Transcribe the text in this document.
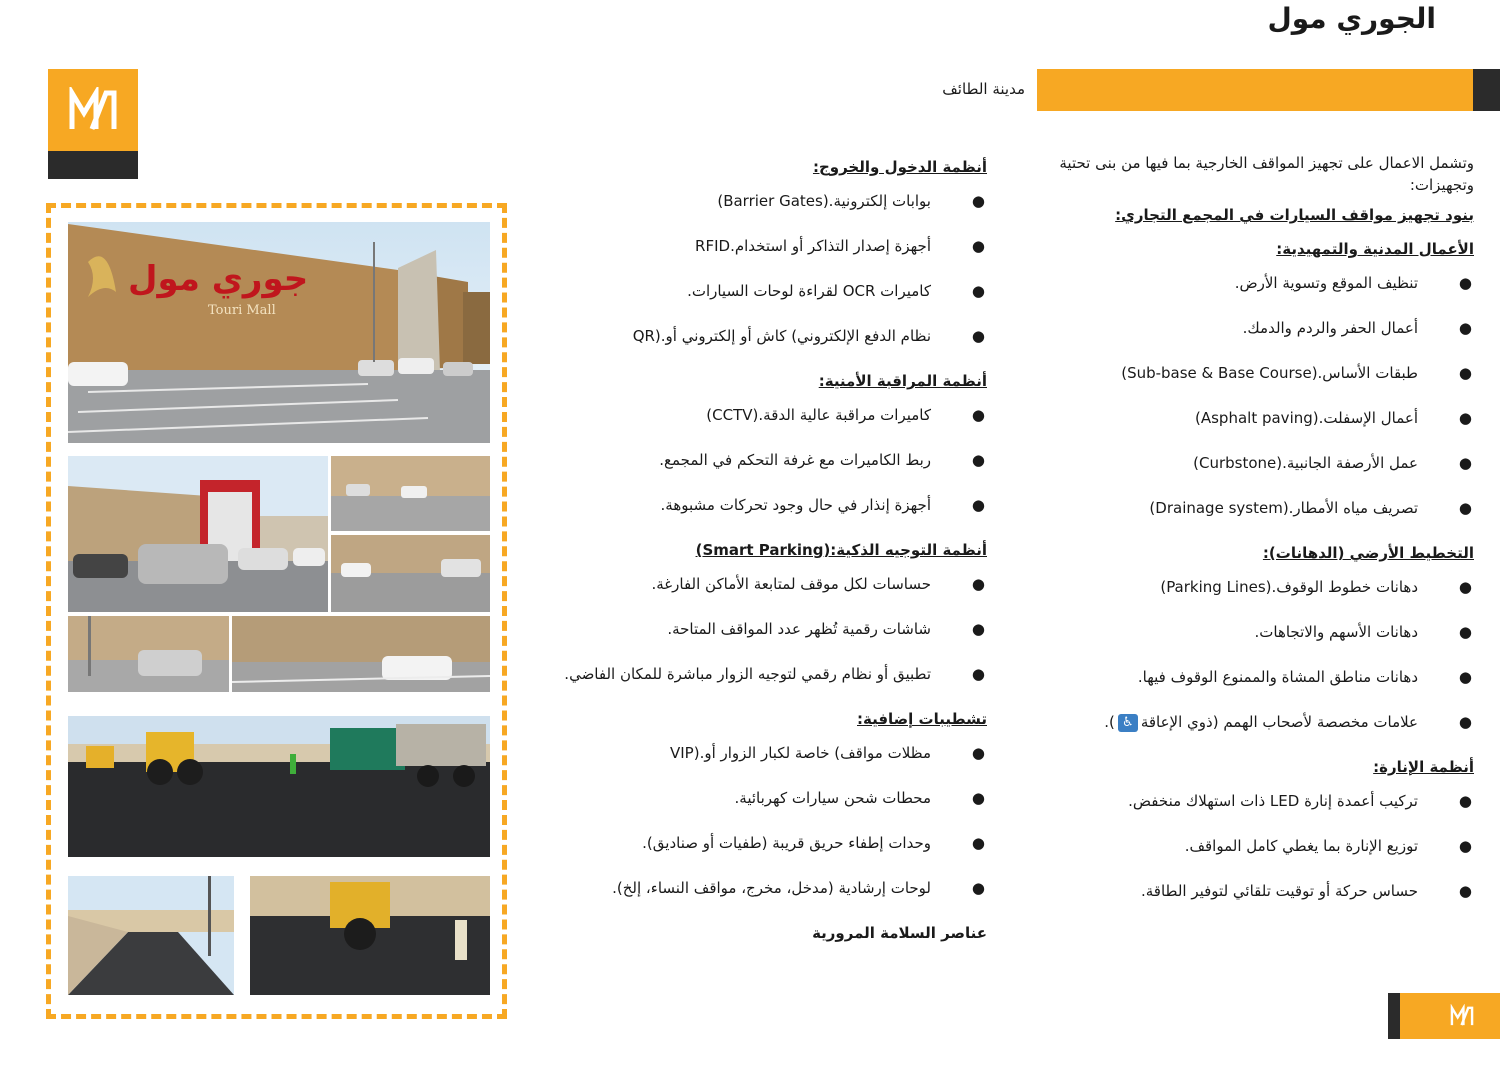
الجوري مول
مدينة الطائف

وتشمل الاعمال على تجهيز المواقف الخارجية بما فيها من بنى تحتية وتجهيزات:

بنود تجهيز مواقف السيارات في المجمع التجاري:
الأعمال المدنية والتمهيدية:
●
تنظيف الموقع وتسوية الأرض.
●
أعمال الحفر والردم والدمك.
●
طبقات الأساس.(Sub-base & Base Course)
●
أعمال الإسفلت.(Asphalt paving)
●
عمل الأرصفة الجانبية.(Curbstone)
●
تصريف مياه الأمطار.(Drainage system)
التخطيط الأرضي (الدهانات):
●
دهانات خطوط الوقوف.(Parking Lines)
●
دهانات الأسهم والاتجاهات.
●
دهانات مناطق المشاة والممنوع الوقوف فيها.
●
علامات مخصصة لأصحاب الهمم (ذوي الإعاقة♿).
أنظمة الإنارة:
●
تركيب أعمدة إنارة LED ذات استهلاك منخفض.
●
توزيع الإنارة بما يغطي كامل المواقف.
●
حساس حركة أو توقيت تلقائي لتوفير الطاقة.
أنظمة الدخول والخروج:
●
بوابات إلكترونية.(Barrier Gates)
●
أجهزة إصدار التذاكر أو استخدام.RFID
●
كاميرات OCR لقراءة لوحات السيارات.
●
نظام الدفع الإلكتروني) كاش أو إلكتروني أو.(QR
أنظمة المراقبة الأمنية:
●
كاميرات مراقبة عالية الدقة.(CCTV)
●
ربط الكاميرات مع غرفة التحكم في المجمع.
●
أجهزة إنذار في حال وجود تحركات مشبوهة.
أنظمة التوجيه الذكية:(Smart Parking)
●
حساسات لكل موقف لمتابعة الأماكن الفارغة.
●
شاشات رقمية تُظهر عدد المواقف المتاحة.
●
تطبيق أو نظام رقمي لتوجيه الزوار مباشرة للمكان الفاضي.
تشطيبات إضافية:
●
مظلات مواقف) خاصة لكبار الزوار أو.(VIP
●
محطات شحن سيارات كهربائية.
●
وحدات إطفاء حريق قريبة (طفيات أو صناديق).
●
لوحات إرشادية (مدخل، مخرج، مواقف النساء، إلخ).
عناصر السلامة المرورية
جوري مول
Touri Mall
